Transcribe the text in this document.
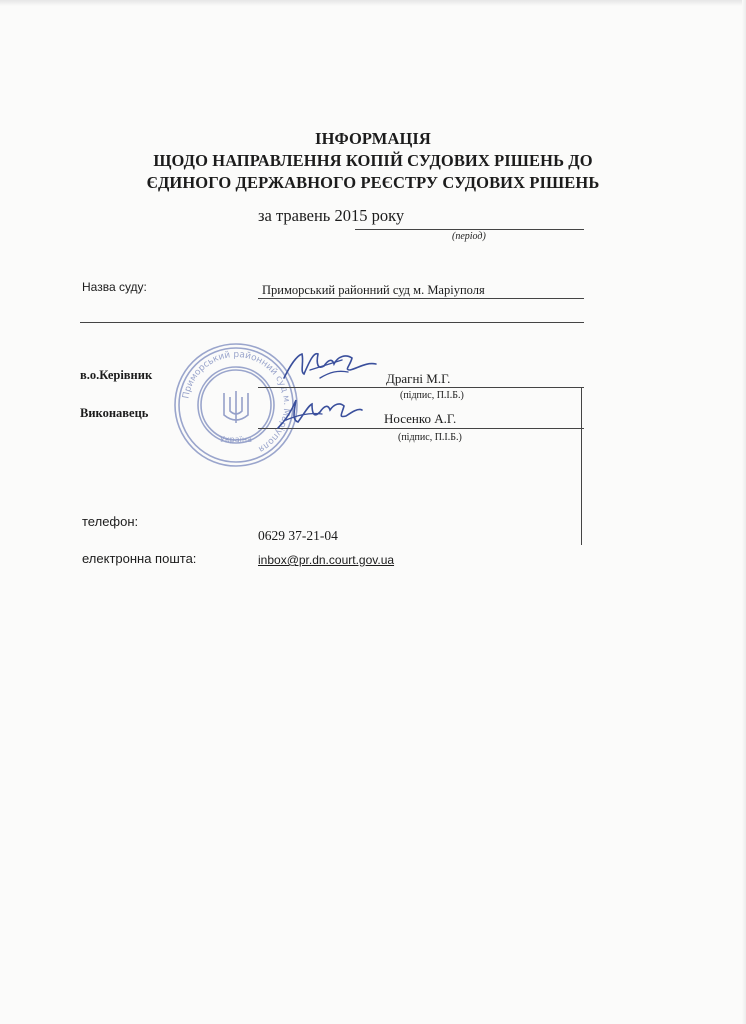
ІНФОРМАЦІЯ
ЩОДО НАПРАВЛЕННЯ КОПІЙ СУДОВИХ РІШЕНЬ ДО
ЄДИНОГО ДЕРЖАВНОГО РЕЄСТРУ СУДОВИХ РІШЕНЬ
за травень 2015 року
(період)
Назва суду:	Приморський районний суд м. Маріуполя
Приморський районний суд м. Маріуполя
Україна
в.о.Керівник	Драгні М.Г.
(підпис, П.І.Б.)
Виконавець	Носенко А.Г.
(підпис, П.І.Б.)
телефон:
0629 37-21-04
електронна пошта:	inbox@pr.dn.court.gov.ua
